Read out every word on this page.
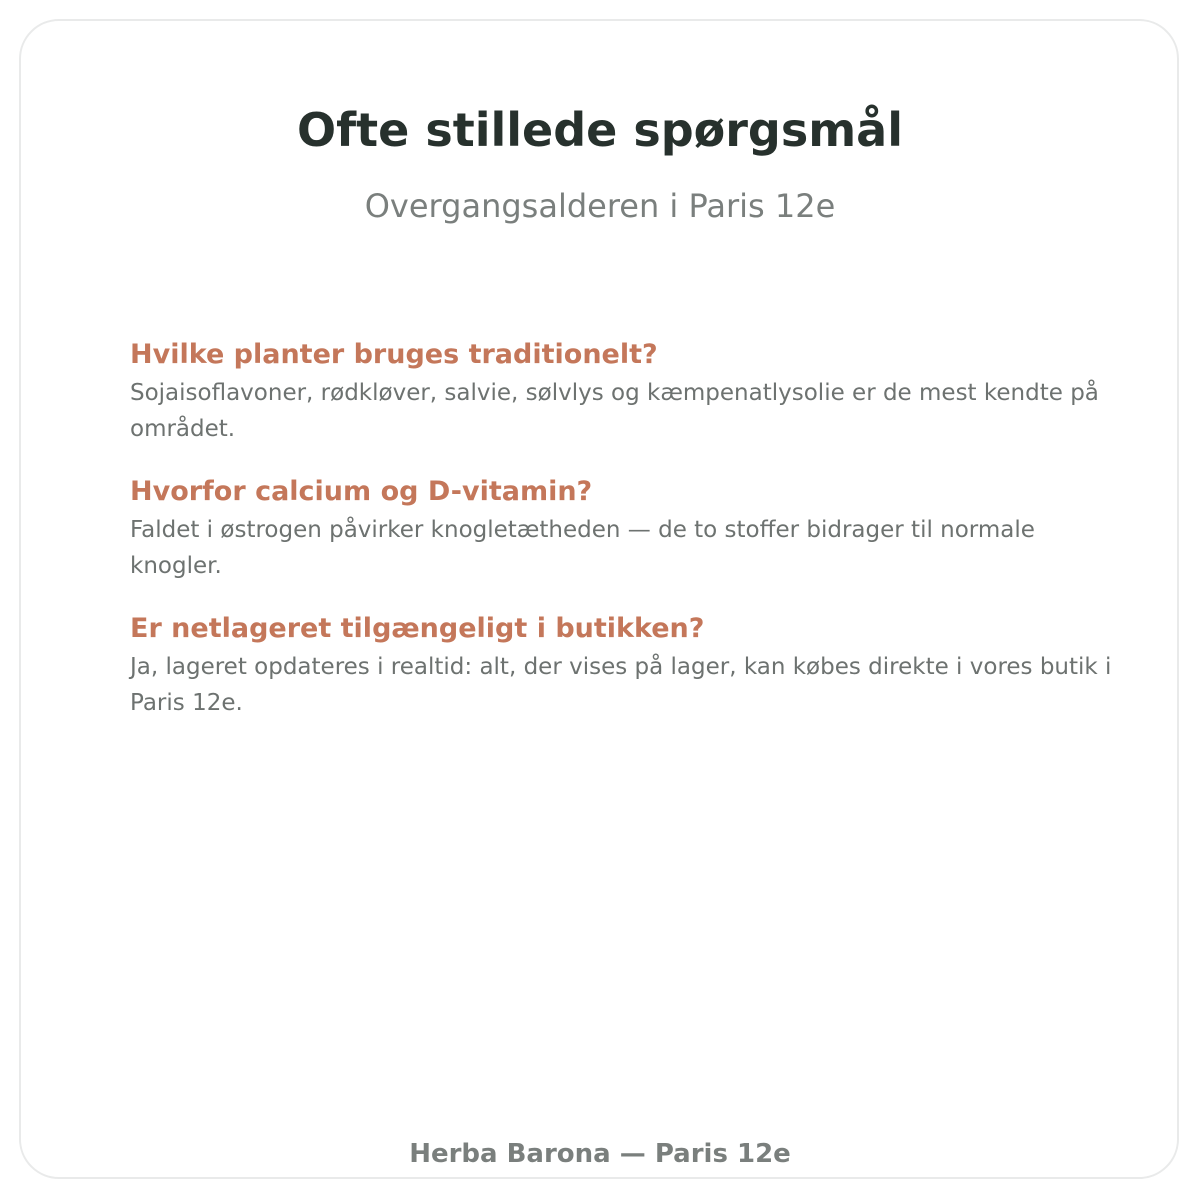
Ofte stillede spørgsmål
Overgangsalderen i Paris 12e
Hvilke planter bruges traditionelt?
Sojaisoflavoner, rødkløver, salvie, sølvlys og kæmpenatlysolie er de mest kendte på området.
Hvorfor calcium og D-vitamin?
Faldet i østrogen påvirker knogletætheden — de to stoffer bidrager til normale knogler.
Er netlageret tilgængeligt i butikken?
Ja, lageret opdateres i realtid: alt, der vises på lager, kan købes direkte i vores butik i Paris 12e.
Herba Barona — Paris 12e
